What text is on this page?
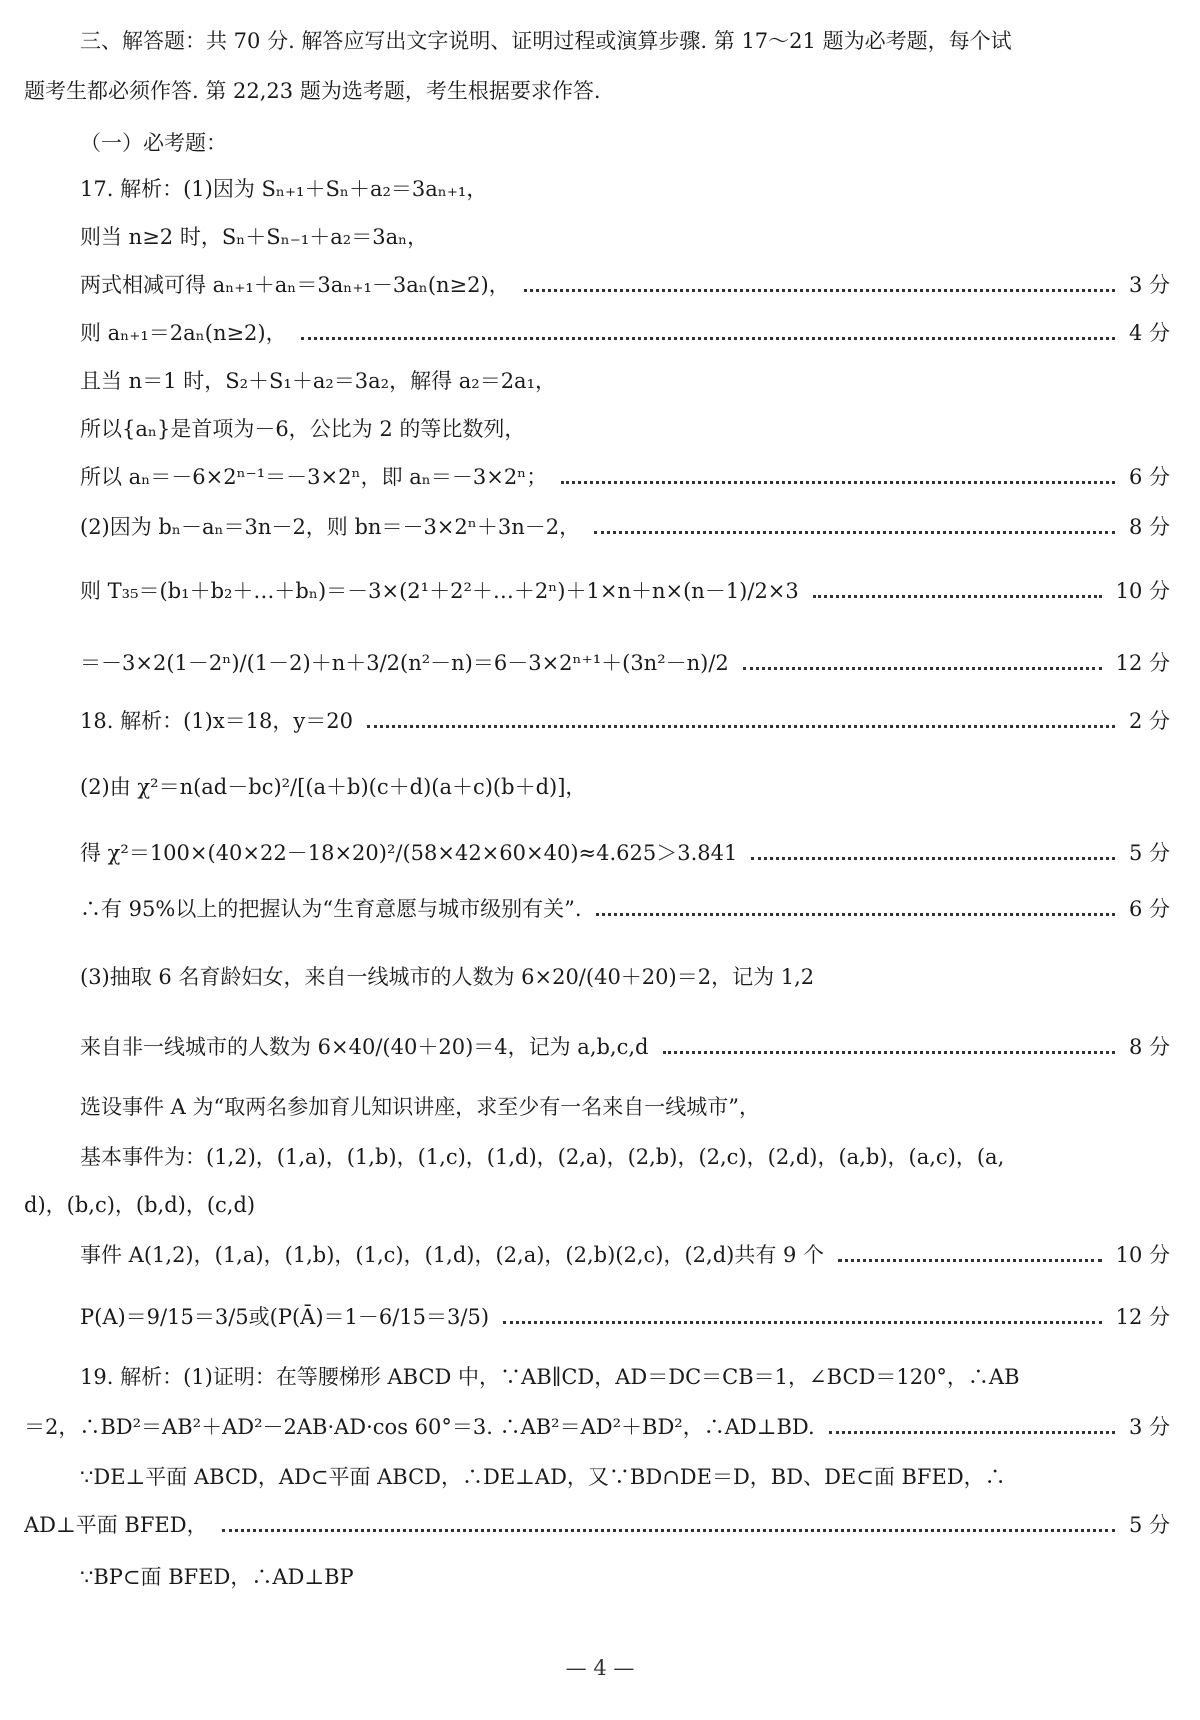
三、解答题：共 70 分. 解答应写出文字说明、证明过程或演算步骤. 第 17～21 题为必考题，每个试
题考生都必须作答. 第 22,23 题为选考题，考生根据要求作答.
（一）必考题：
17. 解析：(1)因为 Sₙ₊₁＋Sₙ＋a₂＝3aₙ₊₁，
则当 n≥2 时，Sₙ＋Sₙ₋₁＋a₂＝3aₙ，
两式相减可得 aₙ₊₁＋aₙ＝3aₙ₊₁－3aₙ(n≥2)，	3 分
则 aₙ₊₁＝2aₙ(n≥2)，	4 分
且当 n＝1 时，S₂＋S₁＋a₂＝3a₂，解得 a₂＝2a₁，
所以{aₙ}是首项为－6，公比为 2 的等比数列，
所以 aₙ＝－6×2ⁿ⁻¹＝－3×2ⁿ，即 aₙ＝－3×2ⁿ；	6 分
(2)因为 bₙ－aₙ＝3n－2，则 bn＝－3×2ⁿ＋3n－2，	8 分
则 T₃₅＝(b₁＋b₂＋…＋bₙ)＝－3×(2¹＋2²＋…＋2ⁿ)＋1×n＋n×(n－1)/2×3	10 分
＝－3×2(1－2ⁿ)/(1－2)＋n＋3/2(n²－n)＝6－3×2ⁿ⁺¹＋(3n²－n)/2	12 分
18. 解析：(1)x＝18，y＝20	2 分
(2)由 χ²＝n(ad－bc)²/[(a＋b)(c＋d)(a＋c)(b＋d)]，
得 χ²＝100×(40×22－18×20)²/(58×42×60×40)≈4.625＞3.841	5 分
∴有 95%以上的把握认为“生育意愿与城市级别有关”.	6 分
(3)抽取 6 名育龄妇女，来自一线城市的人数为 6×20/(40＋20)＝2，记为 1,2
来自非一线城市的人数为 6×40/(40＋20)＝4，记为 a,b,c,d	8 分
选设事件 A 为“取两名参加育儿知识讲座，求至少有一名来自一线城市”，
基本事件为：(1,2)，(1,a)，(1,b)，(1,c)，(1,d)，(2,a)，(2,b)，(2,c)，(2,d)，(a,b)，(a,c)，(a,
d)，(b,c)，(b,d)，(c,d)
事件 A(1,2)，(1,a)，(1,b)，(1,c)，(1,d)，(2,a)，(2,b)(2,c)，(2,d)共有 9 个	10 分
P(A)＝9/15＝3/5或(P(Ā)＝1－6/15＝3/5)	12 分
19. 解析：(1)证明：在等腰梯形 ABCD 中，∵AB∥CD，AD＝DC＝CB＝1，∠BCD＝120°，∴AB
＝2，∴BD²＝AB²＋AD²－2AB·AD·cos 60°＝3. ∴AB²＝AD²＋BD²，∴AD⊥BD.	3 分
∵DE⊥平面 ABCD，AD⊂平面 ABCD，∴DE⊥AD，又∵BD∩DE＝D，BD、DE⊂面 BFED，∴
AD⊥平面 BFED，	5 分
∵BP⊂面 BFED，∴AD⊥BP
— 4 —
